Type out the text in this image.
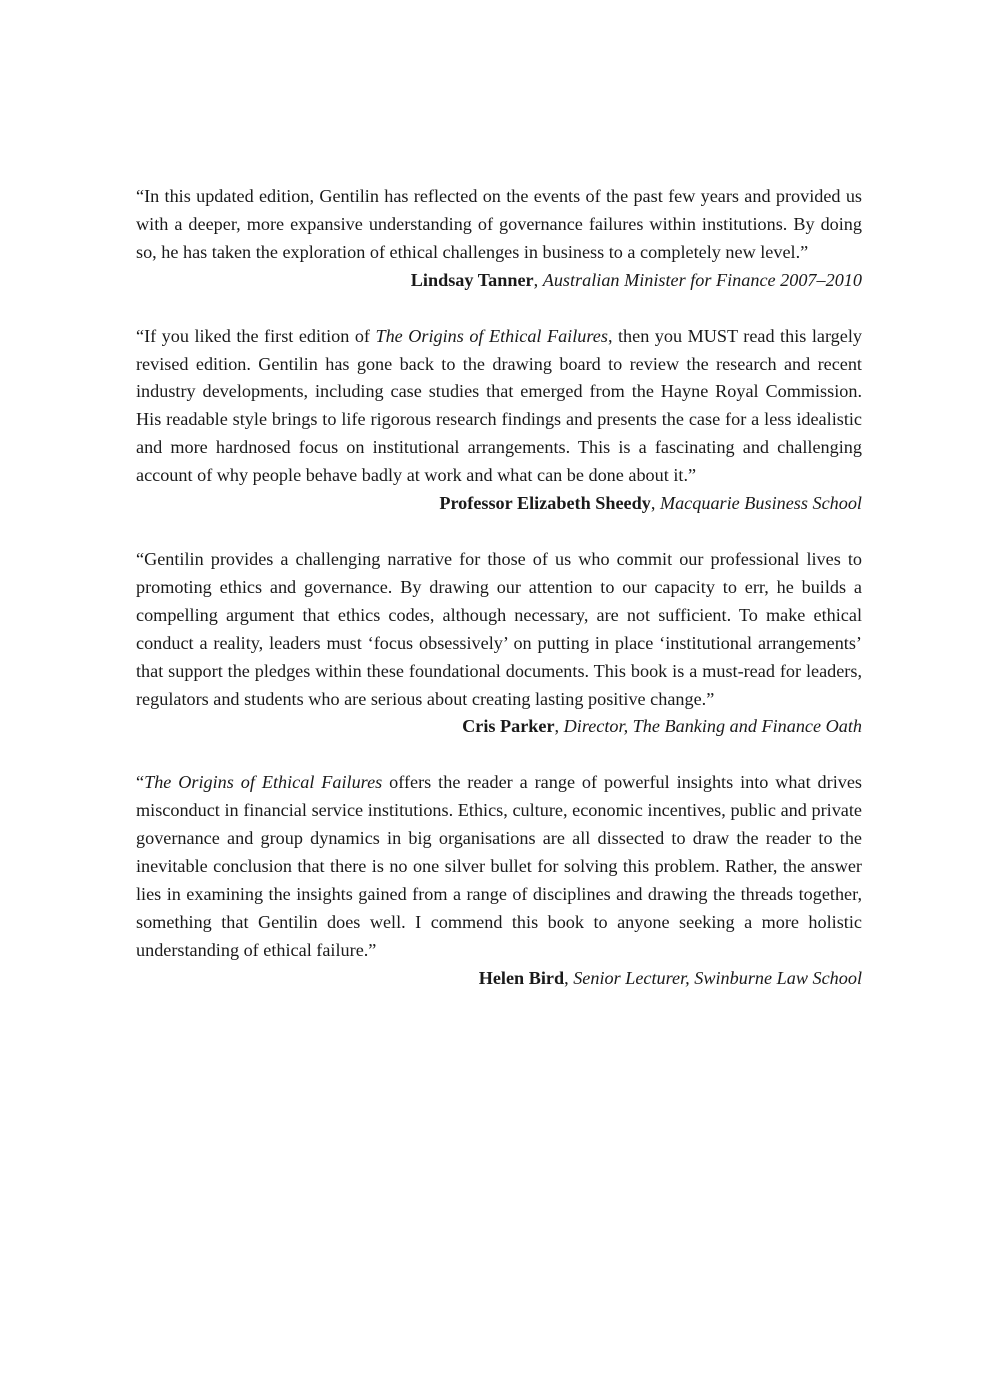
“In this updated edition, Gentilin has reflected on the events of the past few years and provided us with a deeper, more expansive understanding of governance failures within institutions. By doing so, he has taken the exploration of ethical challenges in business to a completely new level.”

Lindsay Tanner, Australian Minister for Finance 2007–2010

“If you liked the first edition of The Origins of Ethical Failures, then you MUST read this largely revised edition. Gentilin has gone back to the drawing board to review the research and recent industry developments, including case studies that emerged from the Hayne Royal Commission. His readable style brings to life rigorous research findings and presents the case for a less idealistic and more hardnosed focus on institutional arrangements. This is a fascinating and challenging account of why people behave badly at work and what can be done about it.”

Professor Elizabeth Sheedy, Macquarie Business School

“Gentilin provides a challenging narrative for those of us who commit our professional lives to promoting ethics and governance. By drawing our attention to our capacity to err, he builds a compelling argument that ethics codes, although necessary, are not sufficient. To make ethical conduct a reality, leaders must ‘focus obsessively’ on putting in place ‘institutional arrangements’ that support the pledges within these foundational documents. This book is a must-read for leaders, regulators and students who are serious about creating lasting positive change.”

Cris Parker, Director, The Banking and Finance Oath

“The Origins of Ethical Failures offers the reader a range of powerful insights into what drives misconduct in financial service institutions. Ethics, culture, economic incentives, public and private governance and group dynamics in big organisations are all dissected to draw the reader to the inevitable conclusion that there is no one silver bullet for solving this problem. Rather, the answer lies in examining the insights gained from a range of disciplines and drawing the threads together, something that Gentilin does well. I commend this book to anyone seeking a more holistic understanding of ethical failure.”

Helen Bird, Senior Lecturer, Swinburne Law School
